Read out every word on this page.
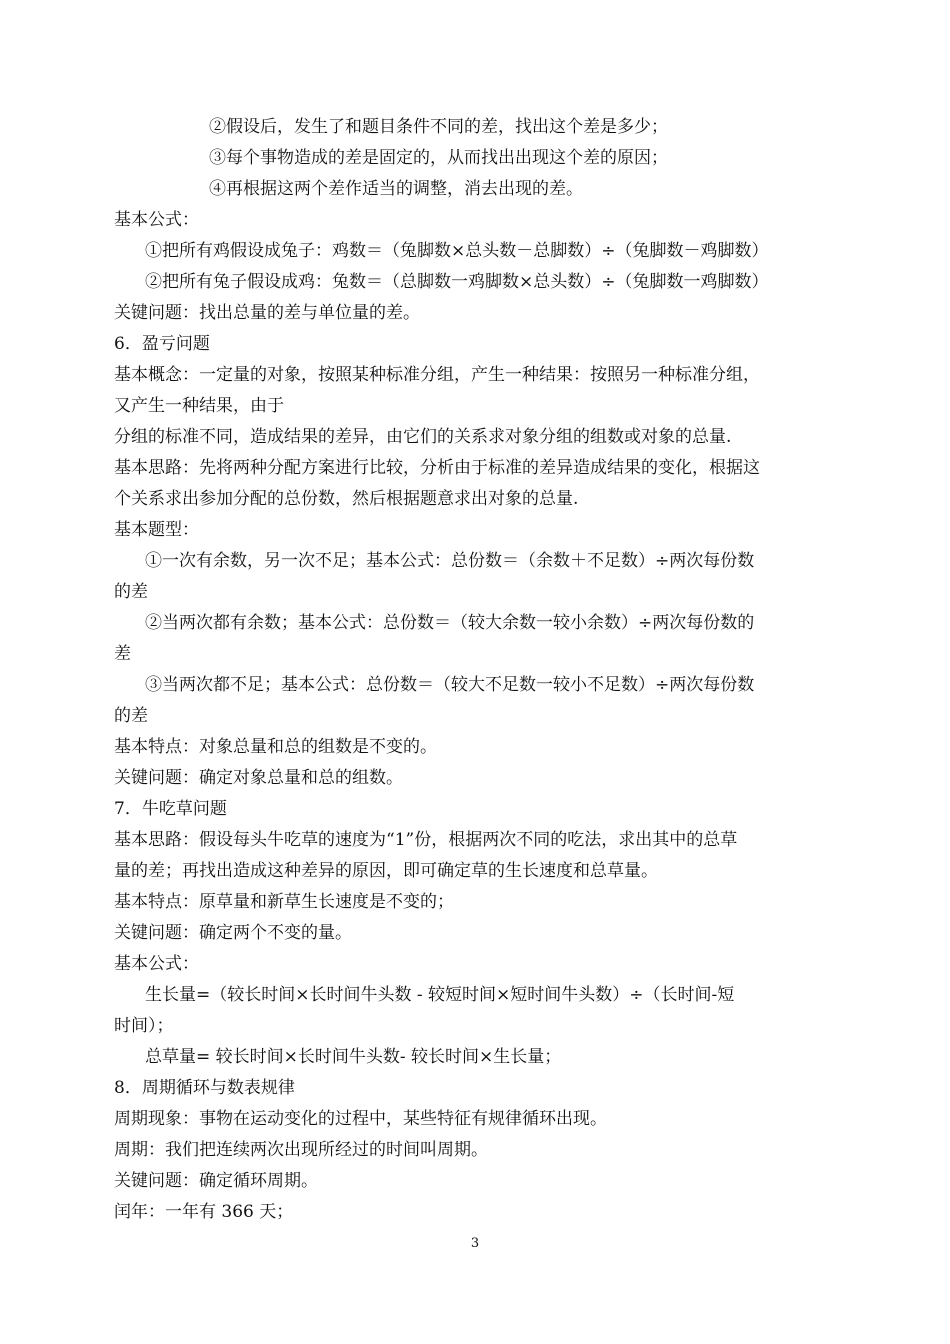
②假设后，发生了和题目条件不同的差，找出这个差是多少；
③每个事物造成的差是固定的，从而找出出现这个差的原因；
④再根据这两个差作适当的调整，消去出现的差。
基本公式：
①把所有鸡假设成兔子：鸡数＝（兔脚数×总头数－总脚数）÷（兔脚数－鸡脚数）
②把所有兔子假设成鸡：兔数＝（总脚数一鸡脚数×总头数）÷（兔脚数一鸡脚数）
关键问题：找出总量的差与单位量的差。
6．盈亏问题
基本概念：一定量的对象，按照某种标准分组，产生一种结果：按照另一种标准分组，
又产生一种结果，由于
分组的标准不同，造成结果的差异，由它们的关系求对象分组的组数或对象的总量.
基本思路：先将两种分配方案进行比较，分析由于标准的差异造成结果的变化，根据这
个关系求出参加分配的总份数，然后根据题意求出对象的总量.
基本题型：
①一次有余数，另一次不足；基本公式：总份数＝（余数＋不足数）÷两次每份数
的差
②当两次都有余数；基本公式：总份数＝（较大余数一较小余数）÷两次每份数的
差
③当两次都不足；基本公式：总份数＝（较大不足数一较小不足数）÷两次每份数
的差
基本特点：对象总量和总的组数是不变的。
关键问题：确定对象总量和总的组数。
7．牛吃草问题
基本思路：假设每头牛吃草的速度为“1”份，根据两次不同的吃法，求出其中的总草
量的差；再找出造成这种差异的原因，即可确定草的生长速度和总草量。
基本特点：原草量和新草生长速度是不变的；
关键问题：确定两个不变的量。
基本公式：
生长量=（较长时间×长时间牛头数 - 较短时间×短时间牛头数）÷（长时间-短
时间）；
总草量= 较长时间×长时间牛头数- 较长时间×生长量；
8．周期循环与数表规律
周期现象：事物在运动变化的过程中，某些特征有规律循环出现。
周期：我们把连续两次出现所经过的时间叫周期。
关键问题：确定循环周期。
闰年：一年有 366 天；
3
